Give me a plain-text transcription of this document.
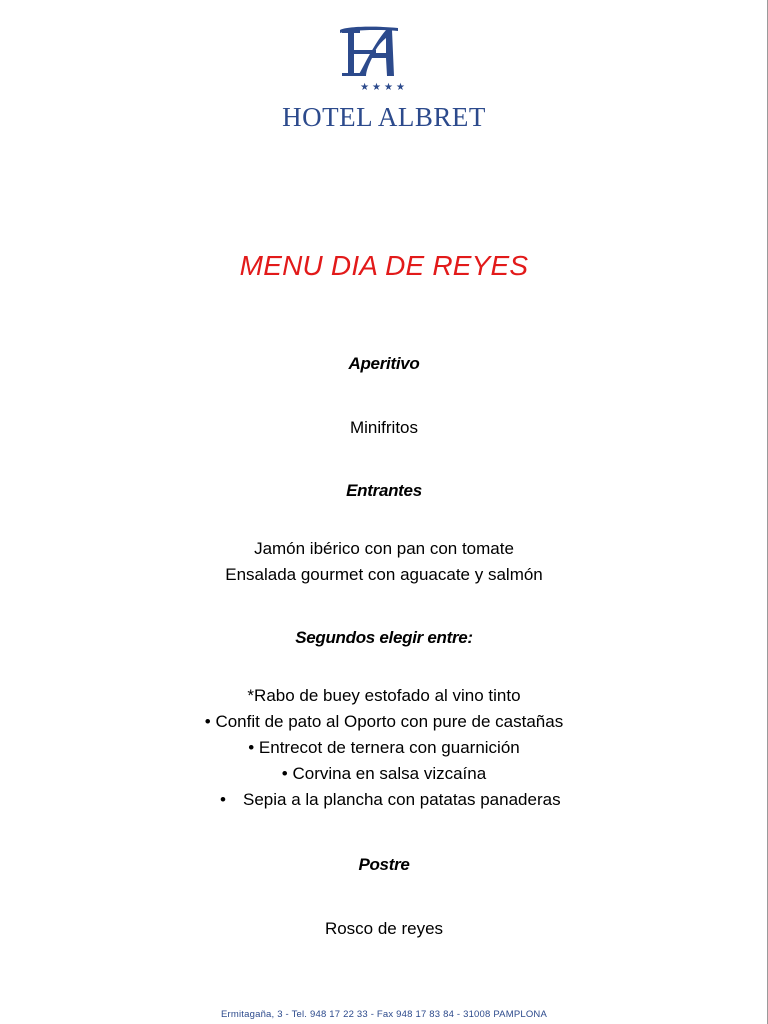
★★★★
HOTEL ALBRET
MENU DIA DE REYES
Aperitivo
Minifritos
Entrantes
Jamón ibérico con pan con tomate
Ensalada gourmet con aguacate y salmón
Segundos elegir entre:
*Rabo de buey estofado al vino tinto
• Confit de pato al Oporto con pure de castañas
• Entrecot de ternera con guarnición
• Corvina en salsa vizcaína
• Sepia a la plancha con patatas panaderas
Postre
Rosco de reyes
Ermitagaña, 3 - Tel. 948 17 22 33 - Fax 948 17 83 84 - 31008 PAMPLONA
